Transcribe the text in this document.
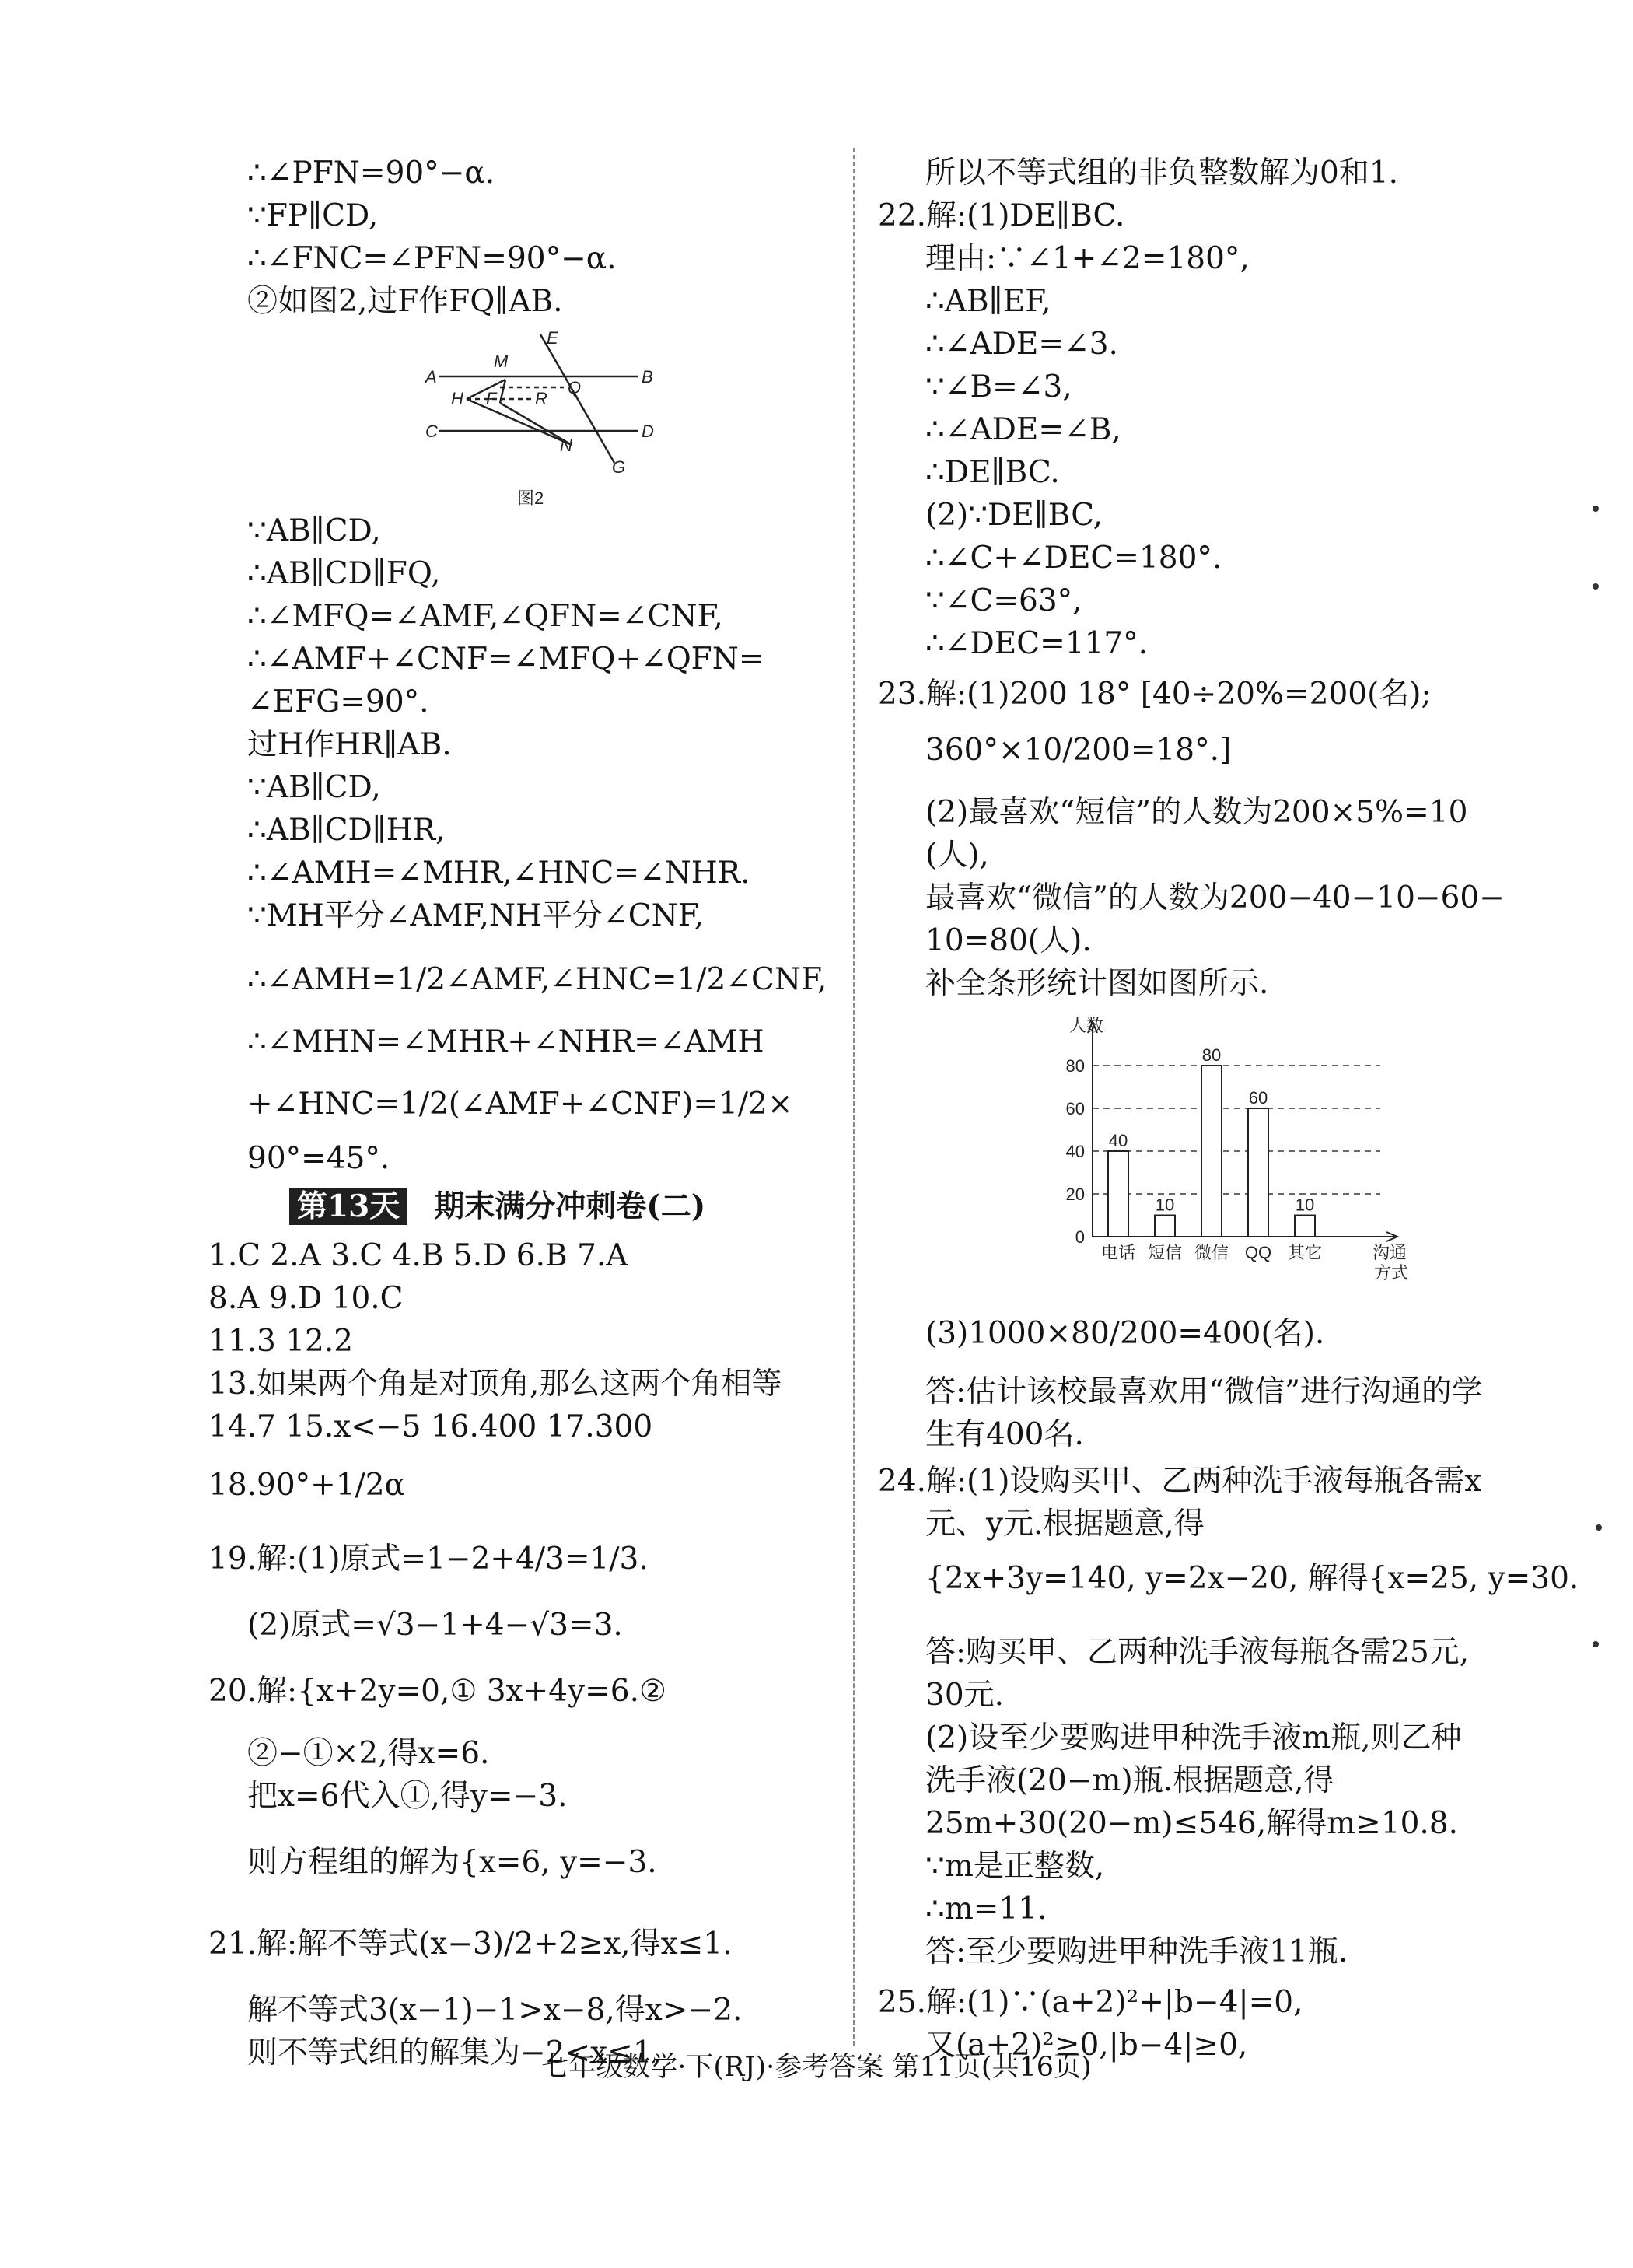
∴∠PFN=90°−α.
∵FP∥CD,
∴∠FNC=∠PFN=90°−α.
②如图2,过F作FQ∥AB.
A	B
C	D
E
M
H F
Q
R
N
G
图2
∵AB∥CD,
∴AB∥CD∥FQ,
∴∠MFQ=∠AMF,∠QFN=∠CNF,
∴∠AMF+∠CNF=∠MFQ+∠QFN=
∠EFG=90°.
过H作HR∥AB.
∵AB∥CD,
∴AB∥CD∥HR,
∴∠AMH=∠MHR,∠HNC=∠NHR.
∵MH平分∠AMF,NH平分∠CNF,
∴∠AMH=1/2∠AMF,∠HNC=1/2∠CNF,
∴∠MHN=∠MHR+∠NHR=∠AMH
+∠HNC=1/2(∠AMF+∠CNF)=1/2×
90°=45°.
第13天 期末满分冲刺卷(二)
1.C 2.A 3.C 4.B 5.D 6.B 7.A
8.A 9.D 10.C
11.3 12.2
13.如果两个角是对顶角,那么这两个角相等
14.7 15.x<−5 16.400 17.300
18.90°+1/2α
19.解:(1)原式=1−2+4/3=1/3.
(2)原式=√3−1+4−√3=3.
20.解:{x+2y=0,① 3x+4y=6.②
②−①×2,得x=6.
把x=6代入①,得y=−3.
则方程组的解为{x=6, y=−3.
21.解:解不等式(x−3)/2+2≥x,得x≤1.
解不等式3(x−1)−1>x−8,得x>−2.
则不等式组的解集为−2<x≤1,
所以不等式组的非负整数解为0和1.
22.解:(1)DE∥BC.
理由:∵∠1+∠2=180°,
∴AB∥EF,
∴∠ADE=∠3.
∵∠B=∠3,
∴∠ADE=∠B,
∴DE∥BC.
(2)∵DE∥BC,
∴∠C+∠DEC=180°.
∵∠C=63°,
∴∠DEC=117°.
23.解:(1)200 18° [40÷20%=200(名);
360°×10/200=18°.]
(2)最喜欢“短信”的人数为200×5%=10
(人),
最喜欢“微信”的人数为200−40−10−60−
10=80(人).
补全条形统计图如图所示.
0
20
40
60
80
人数
沟通
方式
40
电话
10
短信
80
微信
60
QQ
10
其它
(3)1000×80/200=400(名).
答:估计该校最喜欢用“微信”进行沟通的学
生有400名.
24.解:(1)设购买甲、乙两种洗手液每瓶各需x
元、y元.根据题意,得
{2x+3y=140, y=2x−20, 解得{x=25, y=30.
答:购买甲、乙两种洗手液每瓶各需25元,
30元.
(2)设至少要购进甲种洗手液m瓶,则乙种
洗手液(20−m)瓶.根据题意,得
25m+30(20−m)≤546,解得m≥10.8.
∵m是正整数,
∴m=11.
答:至少要购进甲种洗手液11瓶.
25.解:(1)∵(a+2)²+|b−4|=0,
又(a+2)²≥0,|b−4|≥0,
七年级数学·下(RJ)·参考答案 第11页(共16页)
